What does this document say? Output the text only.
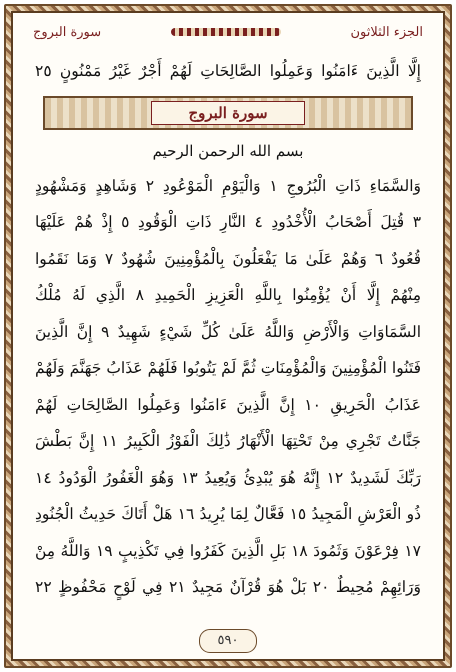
الجزء الثلاثون
سورة البروج
إِلَّا الَّذِينَ ءَامَنُوا وَعَمِلُوا الصَّالِحَاتِ لَهُمْ أَجْرٌ غَيْرُ مَمْنُونٍ ٢٥
سورة البروج
بسم الله الرحمن الرحيم
وَالسَّمَاءِ ذَاتِ الْبُرُوجِ ١ وَالْيَوْمِ الْمَوْعُودِ ٢ وَشَاهِدٍ وَمَشْهُودٍ
٣ قُتِلَ أَصْحَابُ الْأُخْدُودِ ٤ النَّارِ ذَاتِ الْوَقُودِ ٥ إِذْ هُمْ عَلَيْهَا
قُعُودٌ ٦ وَهُمْ عَلَىٰ مَا يَفْعَلُونَ بِالْمُؤْمِنِينَ شُهُودٌ ٧ وَمَا نَقَمُوا
مِنْهُمْ إِلَّا أَنْ يُؤْمِنُوا بِاللَّهِ الْعَزِيزِ الْحَمِيدِ ٨ الَّذِي لَهُ مُلْكُ
السَّمَاوَاتِ وَالْأَرْضِ وَاللَّهُ عَلَىٰ كُلِّ شَيْءٍ شَهِيدٌ ٩ إِنَّ الَّذِينَ
فَتَنُوا الْمُؤْمِنِينَ وَالْمُؤْمِنَاتِ ثُمَّ لَمْ يَتُوبُوا فَلَهُمْ عَذَابُ جَهَنَّمَ وَلَهُمْ
عَذَابُ الْحَرِيقِ ١٠ إِنَّ الَّذِينَ ءَامَنُوا وَعَمِلُوا الصَّالِحَاتِ لَهُمْ
جَنَّاتٌ تَجْرِي مِنْ تَحْتِهَا الْأَنْهَارُ ذَٰلِكَ الْفَوْزُ الْكَبِيرُ ١١ إِنَّ بَطْشَ
رَبِّكَ لَشَدِيدٌ ١٢ إِنَّهُ هُوَ يُبْدِئُ وَيُعِيدُ ١٣ وَهُوَ الْغَفُورُ الْوَدُودُ ١٤
ذُو الْعَرْشِ الْمَجِيدُ ١٥ فَعَّالٌ لِمَا يُرِيدُ ١٦ هَلْ أَتَاكَ حَدِيثُ الْجُنُودِ
١٧ فِرْعَوْنَ وَثَمُودَ ١٨ بَلِ الَّذِينَ كَفَرُوا فِي تَكْذِيبٍ ١٩ وَاللَّهُ مِنْ
وَرَائِهِمْ مُحِيطٌ ٢٠ بَلْ هُوَ قُرْآنٌ مَجِيدٌ ٢١ فِي لَوْحٍ مَحْفُوظٍ ٢٢
٥٩٠
